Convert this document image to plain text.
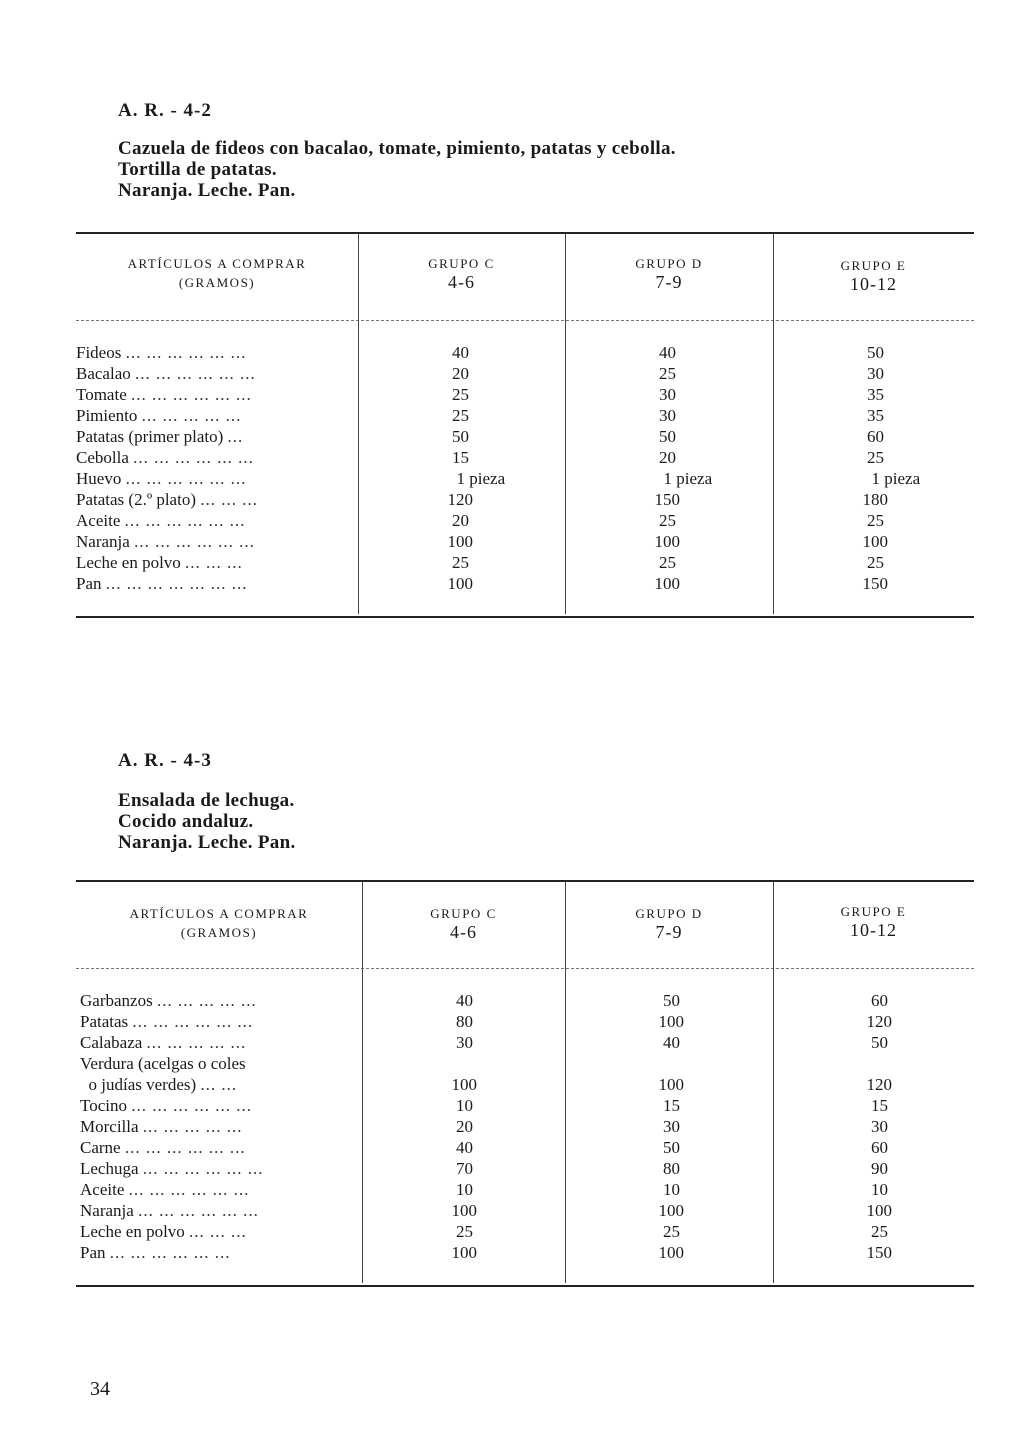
A. R. - 4-2
Cazuela de fideos con bacalao, tomate, pimiento, patatas y cebolla.
Tortilla de patatas.
Naranja. Leche. Pan.
ARTÍCULOS A COMPRAR
(GRAMOS)
GRUPO C
4-6
GRUPO D
7-9
GRUPO E
10-12
Fideos ... ... ... ... ... ...	40	40	50
Bacalao ... ... ... ... ... ...	20	25	30
Tomate ... ... ... ... ... ...	25	30	35
Pimiento ... ... ... ... ...	25	30	35
Patatas (primer plato) ...	50	50	60
Cebolla ... ... ... ... ... ...	15	20	25
Huevo ... ... ... ... ... ...	1 pieza	1 pieza	1 pieza
Patatas (2.º plato) ... ... ...	120	150	180
Aceite ... ... ... ... ... ...	20	25	25
Naranja ... ... ... ... ... ...	100	100	100
Leche en polvo ... ... ...	25	25	25
Pan ... ... ... ... ... ... ...	100	100	150
A. R. - 4-3
Ensalada de lechuga.
Cocido andaluz.
Naranja. Leche. Pan.
ARTÍCULOS A COMPRAR
(GRAMOS)
GRUPO C
4-6
GRUPO D
7-9
GRUPO E
10-12
Garbanzos ... ... ... ... ...	40	50	60
Patatas ... ... ... ... ... ...	80	100	120
Calabaza ... ... ... ... ...	30	40	50
Verdura (acelgas o coles
o judías verdes) ... ...	100	100	120
Tocino ... ... ... ... ... ...	10	15	15
Morcilla ... ... ... ... ...	20	30	30
Carne ... ... ... ... ... ...	40	50	60
Lechuga ... ... ... ... ... ...	70	80	90
Aceite ... ... ... ... ... ...	10	10	10
Naranja ... ... ... ... ... ...	100	100	100
Leche en polvo ... ... ...	25	25	25
Pan ... ... ... ... ... ...	100	100	150
34
